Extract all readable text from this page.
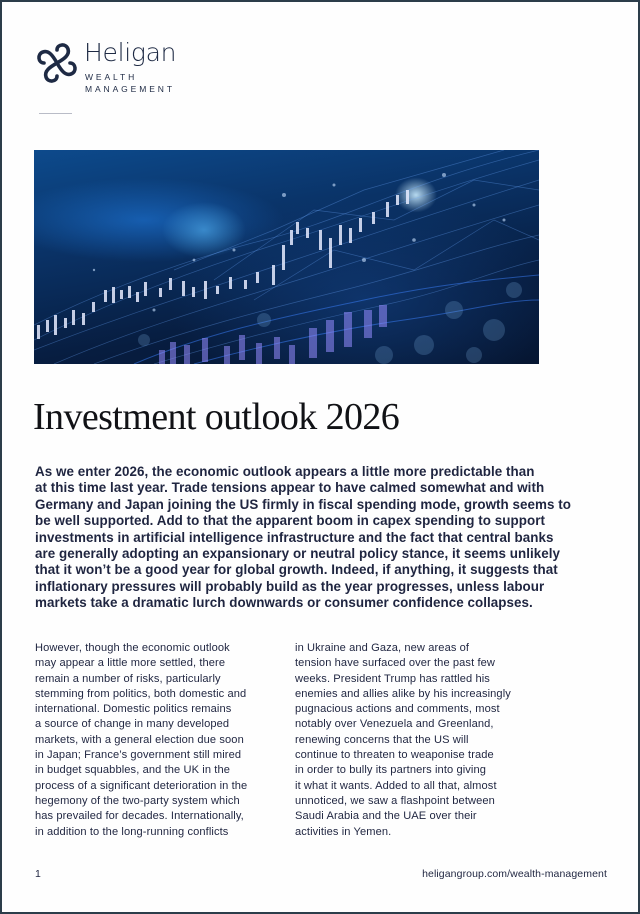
Heligan
WEALTH
MANAGEMENT
Investment outlook 2026
As we enter 2026, the economic outlook appears a little more predictable than
at this time last year. Trade tensions appear to have calmed somewhat and with
Germany and Japan joining the US firmly in fiscal spending mode, growth seems to
be well supported. Add to that the apparent boom in capex spending to support
investments in artificial intelligence infrastructure and the fact that central banks
are generally adopting an expansionary or neutral policy stance, it seems unlikely
that it won’t be a good year for global growth. Indeed, if anything, it suggests that
inflationary pressures will probably build as the year progresses, unless labour
markets take a dramatic lurch downwards or consumer confidence collapses.
However, though the economic outlook
may appear a little more settled, there
remain a number of risks, particularly
stemming from politics, both domestic and
international. Domestic politics remains
a source of change in many developed
markets, with a general election due soon
in Japan; France’s government still mired
in budget squabbles, and the UK in the
process of a significant deterioration in the
hegemony of the two-party system which
has prevailed for decades. Internationally,
in addition to the long-running conflicts
in Ukraine and Gaza, new areas of
tension have surfaced over the past few
weeks. President Trump has rattled his
enemies and allies alike by his increasingly
pugnacious actions and comments, most
notably over Venezuela and Greenland,
renewing concerns that the US will
continue to threaten to weaponise trade
in order to bully its partners into giving
it what it wants. Added to all that, almost
unnoticed, we saw a flashpoint between
Saudi Arabia and the UAE over their
activities in Yemen.
1	heligangroup.com/wealth-management
